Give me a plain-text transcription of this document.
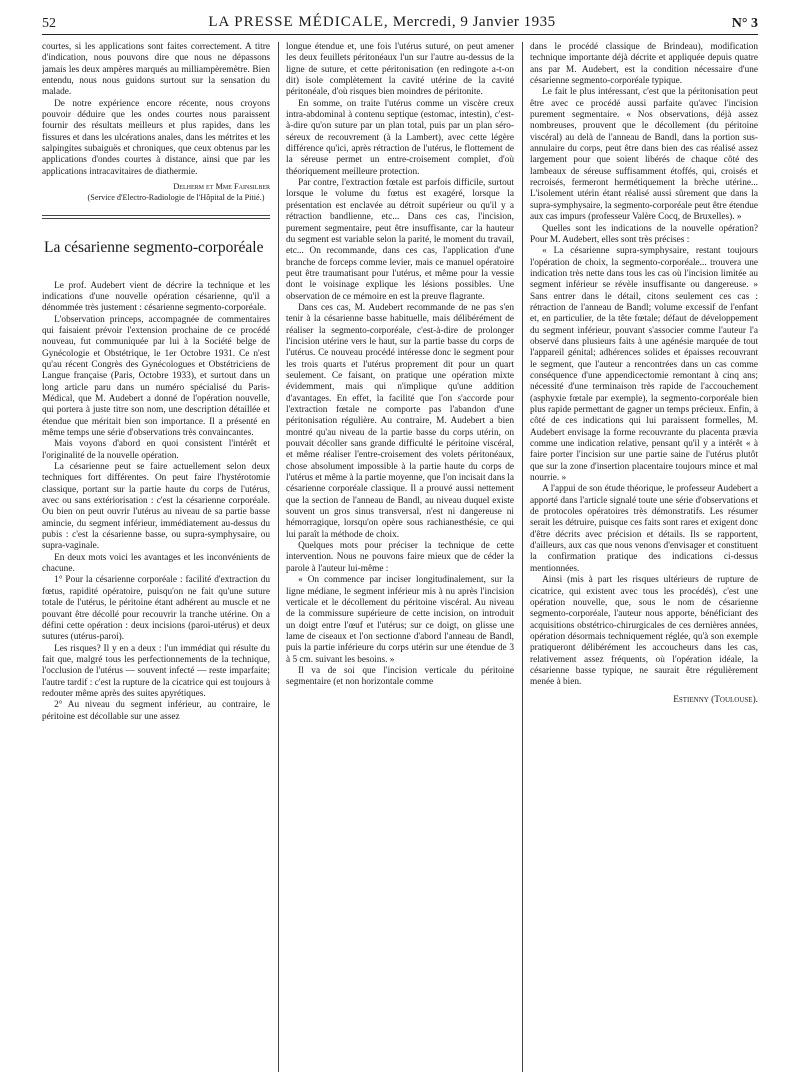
52	LA PRESSE MÉDICALE, Mercredi, 9 Janvier 1935	N° 3

courtes, si les applications sont faites correctement. A titre d'indication, nous pouvons dire que nous ne dépassons jamais les deux ampères marqués au milliampèremètre. Bien entendu, nous nous guidons surtout sur la sensation du malade.

De notre expérience encore récente, nous croyons pouvoir déduire que les ondes courtes nous paraissent fournir des résultats meilleurs et plus rapides, dans les fissures et dans les ulcérations anales, dans les métrites et les salpingites subaiguës et chroniques, que ceux obtenus par les applications d'ondes courtes à distance, ainsi que par les applications intracavitaires de diathermie.

Delherm et Mme Fainsilber
(Service d'Electro-Radiologie de l'Hôpital de la Pitié.)
La césarienne segmento-corporéale

Le prof. Audebert vient de décrire la technique et les indications d'une nouvelle opération césarienne, qu'il a dénommée très justement : césarienne segmento-corporéale.

L'observation princeps, accompagnée de commentaires qui faisaient prévoir l'extension prochaine de ce procédé nouveau, fut communiquée par lui à la Société belge de Gynécologie et Obstétrique, le 1er Octobre 1931. Ce n'est qu'au récent Congrès des Gynécologues et Obstétriciens de Langue française (Paris, Octobre 1933), et surtout dans un long article paru dans un numéro spécialisé du Paris-Médical, que M. Audebert a donné de l'opération nouvelle, qui portera à juste titre son nom, une description détaillée et étendue que méritait bien son importance. Il a présenté en même temps une série d'observations très convaincantes.

Mais voyons d'abord en quoi consistent l'intérêt et l'originalité de la nouvelle opération.

La césarienne peut se faire actuellement selon deux techniques fort différentes. On peut faire l'hystérotomie classique, portant sur la partie haute du corps de l'utérus, avec ou sans extériorisation : c'est la césarienne corporéale. Ou bien on peut ouvrir l'utérus au niveau de sa partie basse amincie, du segment inférieur, immédiatement au-dessus du pubis : c'est la césarienne basse, ou supra-symphysaire, ou supra-vaginale.

En deux mots voici les avantages et les inconvénients de chacune.

1° Pour la césarienne corporéale : facilité d'extraction du fœtus, rapidité opératoire, puisqu'on ne fait qu'une suture totale de l'utérus, le péritoine étant adhérent au muscle et ne pouvant être décollé pour recouvrir la tranche utérine. On a défini cette opération : deux incisions (paroi-utérus) et deux sutures (utérus-paroi).

Les risques? Il y en a deux : l'un immédiat qui résulte du fait que, malgré tous les perfectionnements de la technique, l'occlusion de l'utérus — souvent infecté — reste imparfaite; l'autre tardif : c'est la rupture de la cicatrice qui est toujours à redouter même après des suites apyrétiques.

2° Au niveau du segment inférieur, au contraire, le péritoine est décollable sur une assez

longue étendue et, une fois l'utérus suturé, on peut amener les deux feuillets péritonéaux l'un sur l'autre au-dessus de la ligne de suture, et cette péritonisation (en redingote a-t-on dit) isole complètement la cavité utérine de la cavité péritonéale, d'où risques bien moindres de péritonite.

En somme, on traite l'utérus comme un viscère creux intra-abdominal à contenu septique (estomac, intestin), c'est-à-dire qu'on suture par un plan total, puis par un plan séro-séreux de recouvrement (à la Lambert), avec cette légère différence qu'ici, après rétraction de l'utérus, le flottement de la séreuse permet un entre-croisement complet, d'où théoriquement meilleure protection.

Par contre, l'extraction fœtale est parfois difficile, surtout lorsque le volume du fœtus est exagéré, lorsque la présentation est enclavée au détroit supérieur ou qu'il y a rétraction bandlienne, etc... Dans ces cas, l'incision, purement segmentaire, peut être insuffisante, car la hauteur du segment est variable selon la parité, le moment du travail, etc... On recommande, dans ces cas, l'application d'une branche de forceps comme levier, mais ce manuel opératoire peut être traumatisant pour l'utérus, et même pour la vessie dont le voisinage explique les lésions possibles. Une observation de ce mémoire en est la preuve flagrante.

Dans ces cas, M. Audebert recommande de ne pas s'en tenir à la césarienne basse habituelle, mais délibérément de réaliser la segmento-corporéale, c'est-à-dire de prolonger l'incision utérine vers le haut, sur la partie basse du corps de l'utérus. Ce nouveau procédé intéresse donc le segment pour les trois quarts et l'utérus proprement dit pour un quart seulement. Ce faisant, on pratique une opération mixte évidemment, mais qui n'implique qu'une addition d'avantages. En effet, la facilité que l'on s'accorde pour l'extraction fœtale ne comporte pas l'abandon d'une péritonisation régulière. Au contraire, M. Audebert a bien montré qu'au niveau de la partie basse du corps utérin, on pouvait décoller sans grande difficulté le péritoine viscéral, et même réaliser l'entre-croisement des volets péritonéaux, chose absolument impossible à la partie haute du corps de l'utérus et même à la partie moyenne, que l'on incisait dans la césarienne corporéale classique. Il a prouvé aussi nettement que la section de l'anneau de Bandl, au niveau duquel existe souvent un gros sinus transversal, n'est ni dangereuse ni hémorragique, lorsqu'on opère sous rachianesthésie, ce qui lui paraît la méthode de choix.

Quelques mots pour préciser la technique de cette intervention. Nous ne pouvons faire mieux que de céder la parole à l'auteur lui-même :

« On commence par inciser longitudinalement, sur la ligne médiane, le segment inférieur mis à nu après l'incision verticale et le décollement du péritoine viscéral. Au niveau de la commissure supérieure de cette incision, on introduit un doigt entre l'œuf et l'utérus; sur ce doigt, on glisse une lame de ciseaux et l'on sectionne d'abord l'anneau de Bandl, puis la partie inférieure du corps utérin sur une étendue de 3 à 5 cm. suivant les besoins. »

Il va de soi que l'incision verticale du péritoine segmentaire (et non horizontale comme

dans le procédé classique de Brindeau), modification technique importante déjà décrite et appliquée depuis quatre ans par M. Audebert, est la condition nécessaire d'une césarienne segmento-corporéale typique.

Le fait le plus intéressant, c'est que la péritonisation peut être avec ce procédé aussi parfaite qu'avec l'incision purement segmentaire. « Nos observations, déjà assez nombreuses, prouvent que le décollement (du péritoine viscéral) au delà de l'anneau de Bandl, dans la portion sus-annulaire du corps, peut être dans bien des cas réalisé assez largement pour que soient libérés de chaque côté des lambeaux de séreuse suffisamment étoffés, qui, croisés et recroisés, fermeront hermétiquement la brèche utérine... L'isolement utérin étant réalisé aussi sûrement que dans la supra-symphysaire, la segmento-corporéale peut être étendue aux cas impurs (professeur Valère Cocq, de Bruxelles). »

Quelles sont les indications de la nouvelle opération? Pour M. Audebert, elles sont très précises :

« La césarienne supra-symphysaire, restant toujours l'opération de choix, la segmento-corporéale... trouvera une indication très nette dans tous les cas où l'incision limitée au segment inférieur se révèle insuffisante ou dangereuse. » Sans entrer dans le détail, citons seulement ces cas : rétraction de l'anneau de Bandl; volume excessif de l'enfant et, en particulier, de la tête fœtale; défaut de développement du segment inférieur, pouvant s'associer comme l'auteur l'a observé dans plusieurs faits à une agénésie marquée de tout l'appareil génital; adhérences solides et épaisses recouvrant le segment, que l'auteur a rencontrées dans un cas comme conséquence d'une appendicectomie remontant à cinq ans; nécessité d'une terminaison très rapide de l'accouchement (asphyxie fœtale par exemple), la segmento-corporéale bien plus rapide permettant de gagner un temps précieux. Enfin, à côté de ces indications qui lui paraissent formelles, M. Audebert envisage la forme recouvrante du placenta prævia comme une indication relative, pensant qu'il y a intérêt « à faire porter l'incision sur une partie saine de l'utérus plutôt que sur la zone d'insertion placentaire toujours mince et mal nourrie. »

A l'appui de son étude théorique, le professeur Audebert a apporté dans l'article signalé toute une série d'observations et de protocoles opératoires très démonstratifs. Les résumer serait les détruire, puisque ces faits sont rares et exigent donc d'être décrits avec précision et détails. Ils se rapportent, d'ailleurs, aux cas que nous venons d'envisager et constituent la confirmation pratique des indications ci-dessus mentionnées.

Ainsi (mis à part les risques ultérieurs de rupture de cicatrice, qui existent avec tous les procédés), c'est une opération nouvelle, que, sous le nom de césarienne segmento-corporéale, l'auteur nous apporte, bénéficiant des acquisitions obstétrico-chirurgicales de ces dernières années, opération désormais techniquement réglée, qu'à son exemple pratiqueront délibérément les accoucheurs dans les cas, relativement assez fréquents, où l'opération idéale, la césarienne basse typique, ne saurait être régulièrement menée à bien.

Estienny (Toulouse).
